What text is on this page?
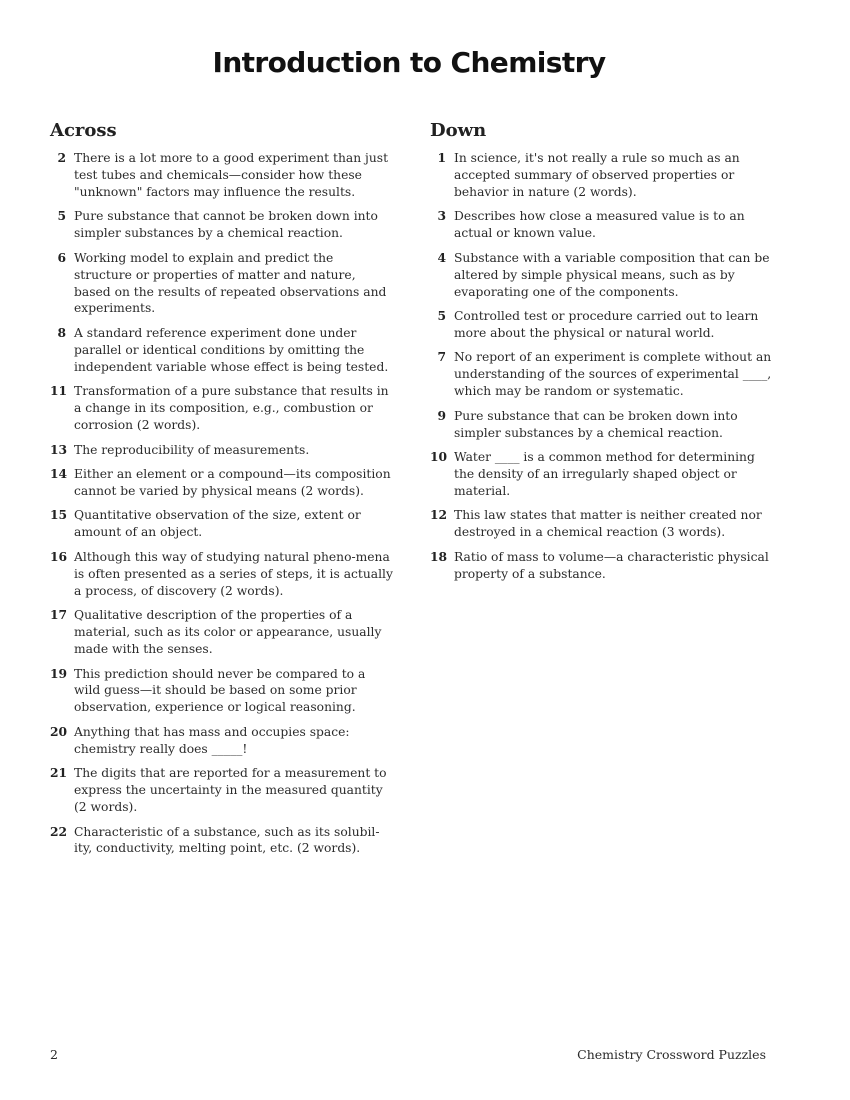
Introduction to Chemistry
Across
2 There is a lot more to a good experiment than just test tubes and chemicals—consider how these "unknown" factors may influence the results.
5 Pure substance that cannot be broken down into simpler substances by a chemical reaction.
6 Working model to explain and predict the structure or properties of matter and nature, based on the results of repeated observations and experiments.
8 A standard reference experiment done under parallel or identical conditions by omitting the independent variable whose effect is being tested.
11 Transformation of a pure substance that results in a change in its composition, e.g., combustion or corrosion (2 words).
13 The reproducibility of measurements.
14 Either an element or a compound—its composition cannot be varied by physical means (2 words).
15 Quantitative observation of the size, extent or amount of an object.
16 Although this way of studying natural pheno-mena is often presented as a series of steps, it is actually a process, of discovery (2 words).
17 Qualitative description of the properties of a material, such as its color or appearance, usually made with the senses.
19 This prediction should never be compared to a wild guess—it should be based on some prior observation, experience or logical reasoning.
20 Anything that has mass and occupies space: chemistry really does _____!
21 The digits that are reported for a measurement to express the uncertainty in the measured quantity (2 words).
22 Characteristic of a substance, such as its solubil-ity, conductivity, melting point, etc. (2 words).
Down
1 In science, it's not really a rule so much as an accepted summary of observed properties or behavior in nature (2 words).
3 Describes how close a measured value is to an actual or known value.
4 Substance with a variable composition that can be altered by simple physical means, such as by evaporating one of the components.
5 Controlled test or procedure carried out to learn more about the physical or natural world.
7 No report of an experiment is complete without an understanding of the sources of experimental ____, which may be random or systematic.
9 Pure substance that can be broken down into simpler substances by a chemical reaction.
10 Water ____ is a common method for determining the density of an irregularly shaped object or material.
12 This law states that matter is neither created nor destroyed in a chemical reaction (3 words).
18 Ratio of mass to volume—a characteristic physical property of a substance.
2	Chemistry Crossword Puzzles
